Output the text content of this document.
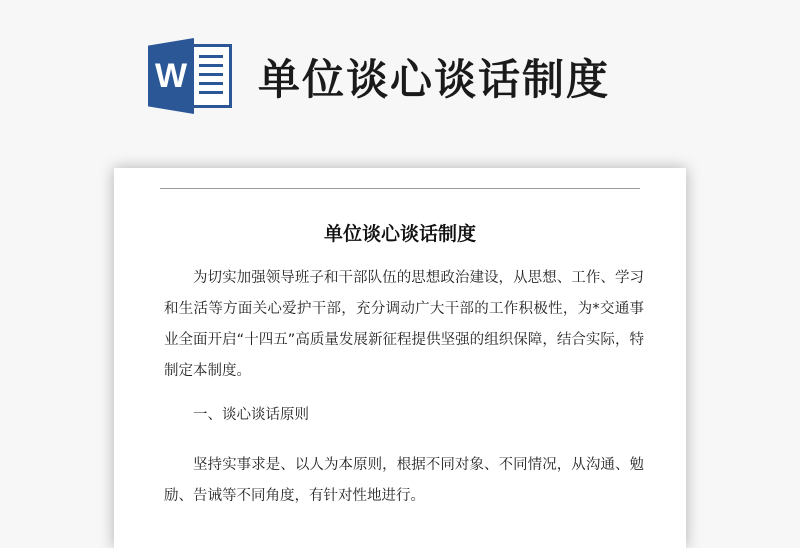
W 单位谈心谈话制度
单位谈心谈话制度

为切实加强领导班子和干部队伍的思想政治建设，从思想、工作、学习和生活等方面关心爱护干部，充分调动广大干部的工作积极性，为*交通事业全面开启“十四五”高质量发展新征程提供坚强的组织保障，结合实际，特制定本制度。

一、谈心谈话原则

坚持实事求是、以人为本原则，根据不同对象、不同情况，从沟通、勉励、告诫等不同角度，有针对性地进行。
